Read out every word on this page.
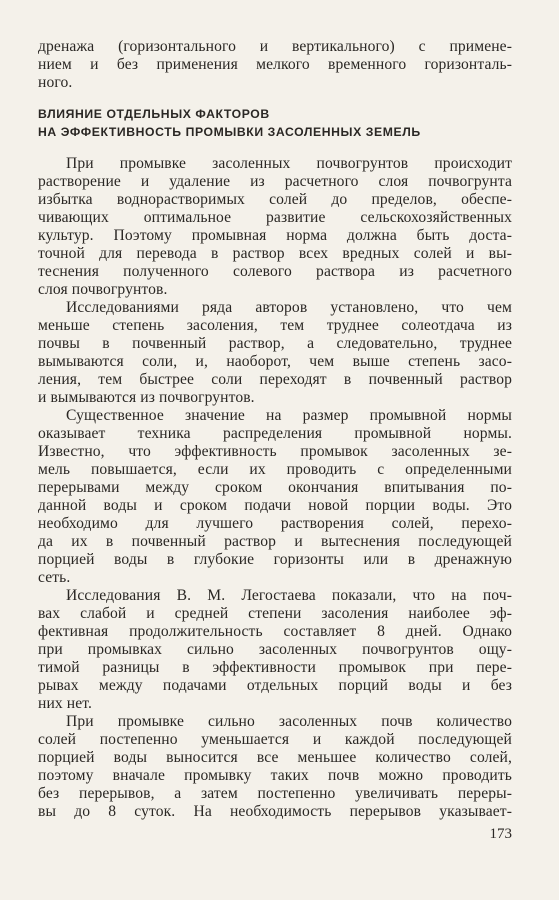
дренажа (горизонтального и вертикального) с примене-
нием и без применения мелкого временного горизонталь-
ного.
ВЛИЯНИЕ ОТДЕЛЬНЫХ ФАКТОРОВ
НА ЭФФЕКТИВНОСТЬ ПРОМЫВКИ ЗАСОЛЕННЫХ ЗЕМЕЛЬ
При промывке засоленных почвогрунтов происходит
растворение и удаление из расчетного слоя почвогрунта
избытка воднорастворимых солей до пределов, обеспе-
чивающих оптимальное развитие сельскохозяйственных
культур. Поэтому промывная норма должна быть доста-
точной для перевода в раствор всех вредных солей и вы-
теснения полученного солевого раствора из расчетного
слоя почвогрунтов.
Исследованиями ряда авторов установлено, что чем
меньше степень засоления, тем труднее солеотдача из
почвы в почвенный раствор, а следовательно, труднее
вымываются соли, и, наоборот, чем выше степень засо-
ления, тем быстрее соли переходят в почвенный раствор
и вымываются из почвогрунтов.
Существенное значение на размер промывной нормы
оказывает техника распределения промывной нормы.
Известно, что эффективность промывок засоленных зе-
мель повышается, если их проводить с определенными
перерывами между сроком окончания впитывания по-
данной воды и сроком подачи новой порции воды. Это
необходимо для лучшего растворения солей, перехо-
да их в почвенный раствор и вытеснения последующей
порцией воды в глубокие горизонты или в дренажную
сеть.
Исследования В. М. Легостаева показали, что на поч-
вах слабой и средней степени засоления наиболее эф-
фективная продолжительность составляет 8 дней. Однако
при промывках сильно засоленных почвогрунтов ощу-
тимой разницы в эффективности промывок при пере-
рывах между подачами отдельных порций воды и без
них нет.
При промывке сильно засоленных почв количество
солей постепенно уменьшается и каждой последующей
порцией воды выносится все меньшее количество солей,
поэтому вначале промывку таких почв можно проводить
без перерывов, а затем постепенно увеличивать переры-
вы до 8 суток. На необходимость перерывов указывает-
173
